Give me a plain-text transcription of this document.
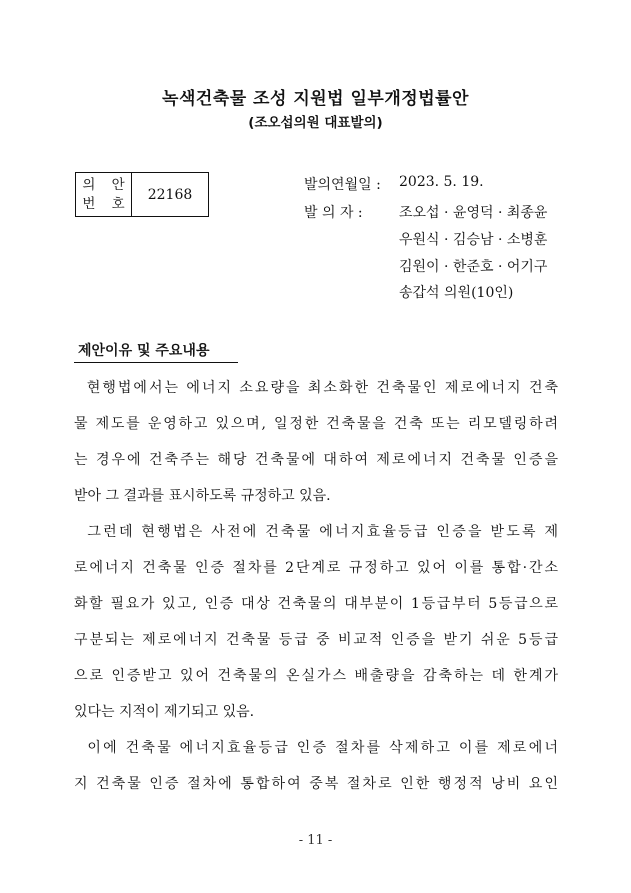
녹색건축물 조성 지원법 일부개정법률안
(조오섭의원 대표발의)
의 안
번 호
22168
발의연월일 : 2023. 5. 19.
발 의 자 :	조오섭 · 윤영덕 · 최종윤
우원식 · 김승남 · 소병훈
김원이 · 한준호 · 어기구
송갑석 의원(10인)
제안이유 및 주요내용
현행법에서는 에너지 소요량을 최소화한 건축물인 제로에너지 건축
물 제도를 운영하고 있으며, 일정한 건축물을 건축 또는 리모델링하려
는 경우에 건축주는 해당 건축물에 대하여 제로에너지 건축물 인증을
받아 그 결과를 표시하도록 규정하고 있음.
그런데 현행법은 사전에 건축물 에너지효율등급 인증을 받도록 제
로에너지 건축물 인증 절차를 2단계로 규정하고 있어 이를 통합·간소
화할 필요가 있고, 인증 대상 건축물의 대부분이 1등급부터 5등급으로
구분되는 제로에너지 건축물 등급 중 비교적 인증을 받기 쉬운 5등급
으로 인증받고 있어 건축물의 온실가스 배출량을 감축하는 데 한계가
있다는 지적이 제기되고 있음.
이에 건축물 에너지효율등급 인증 절차를 삭제하고 이를 제로에너
지 건축물 인증 절차에 통합하여 중복 절차로 인한 행정적 낭비 요인
- 11 -
